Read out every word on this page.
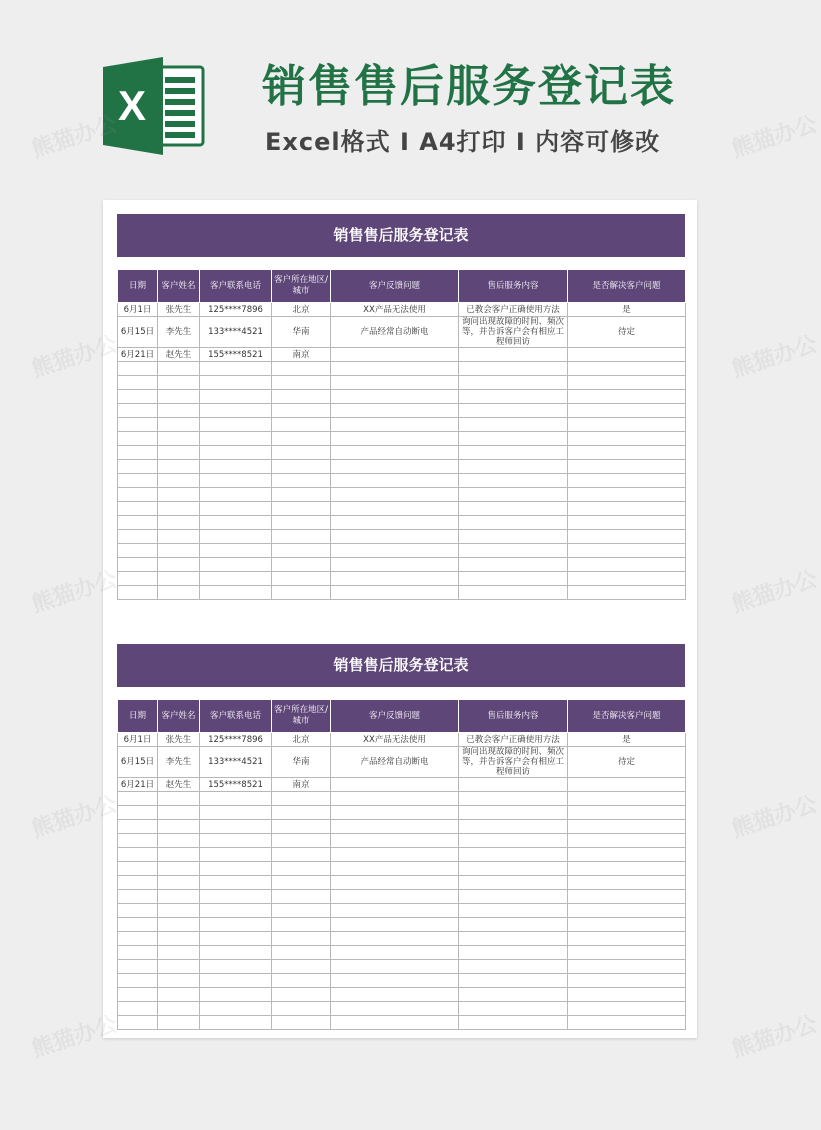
X	销售售后服务登记表
Excel格式 I A4打印 I 内容可修改
销售售后服务登记表
日期	客户姓名	客户联系电话	客户所在地区/城市	客户反馈问题	售后服务内容	是否解决客户问题
6月1日	张先生	125****7896	北京	XX产品无法使用	已教会客户正确使用方法	是
6月15日	李先生	133****4521	华南	产品经常自动断电	询问出现故障的时间、频次等，并告诉客户会有相应工程师回访	待定
6月21日	赵先生	155****8521	南京			

销售售后服务登记表
日期	客户姓名	客户联系电话	客户所在地区/城市	客户反馈问题	售后服务内容	是否解决客户问题
6月1日	张先生	125****7896	北京	XX产品无法使用	已教会客户正确使用方法	是
6月15日	李先生	133****4521	华南	产品经常自动断电	询问出现故障的时间、频次等，并告诉客户会有相应工程师回访	待定
6月21日	赵先生	155****8521	南京			

熊猫办公	熊猫办公
熊猫办公	熊猫办公
熊猫办公	熊猫办公
熊猫办公	熊猫办公
熊猫办公	熊猫办公
